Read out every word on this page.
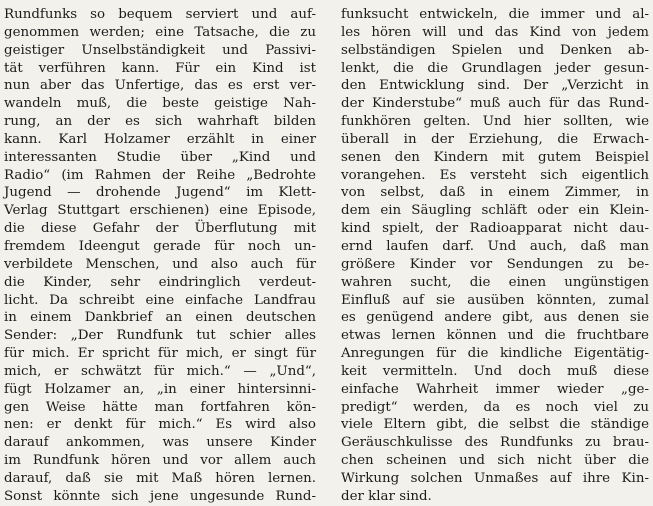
Rundfunks so bequem serviert und auf-
genommen werden; eine Tatsache, die zu
geistiger Unselbständigkeit und Passivi-
tät verführen kann. Für ein Kind ist
nun aber das Unfertige, das es erst ver-
wandeln muß, die beste geistige Nah-
rung, an der es sich wahrhaft bilden
kann. Karl Holzamer erzählt in einer
interessanten Studie über „Kind und
Radio“ (im Rahmen der Reihe „Bedrohte
Jugend — drohende Jugend“ im Klett-
Verlag Stuttgart erschienen) eine Episode,
die diese Gefahr der Überflutung mit
fremdem Ideengut gerade für noch un-
verbildete Menschen, und also auch für
die Kinder, sehr eindringlich verdeut-
licht. Da schreibt eine einfache Landfrau
in einem Dankbrief an einen deutschen
Sender: „Der Rundfunk tut schier alles
für mich. Er spricht für mich, er singt für
mich, er schwätzt für mich.“ — „Und“,
fügt Holzamer an, „in einer hintersinni-
gen Weise hätte man fortfahren kön-
nen: er denkt für mich.“ Es wird also
darauf ankommen, was unsere Kinder
im Rundfunk hören und vor allem auch
darauf, daß sie mit Maß hören lernen.
Sonst könnte sich jene ungesunde Rund-
funksucht entwickeln, die immer und al-
les hören will und das Kind von jedem
selbständigen Spielen und Denken ab-
lenkt, die die Grundlagen jeder gesun-
den Entwicklung sind. Der „Verzicht in
der Kinderstube“ muß auch für das Rund-
funkhören gelten. Und hier sollten, wie
überall in der Erziehung, die Erwach-
senen den Kindern mit gutem Beispiel
vorangehen. Es versteht sich eigentlich
von selbst, daß in einem Zimmer, in
dem ein Säugling schläft oder ein Klein-
kind spielt, der Radioapparat nicht dau-
ernd laufen darf. Und auch, daß man
größere Kinder vor Sendungen zu be-
wahren sucht, die einen ungünstigen
Einfluß auf sie ausüben könnten, zumal
es genügend andere gibt, aus denen sie
etwas lernen können und die fruchtbare
Anregungen für die kindliche Eigentätig-
keit vermitteln. Und doch muß diese
einfache Wahrheit immer wieder „ge-
predigt“ werden, da es noch viel zu
viele Eltern gibt, die selbst die ständige
Geräuschkulisse des Rundfunks zu brau-
chen scheinen und sich nicht über die
Wirkung solchen Unmaßes auf ihre Kin-
der klar sind.
